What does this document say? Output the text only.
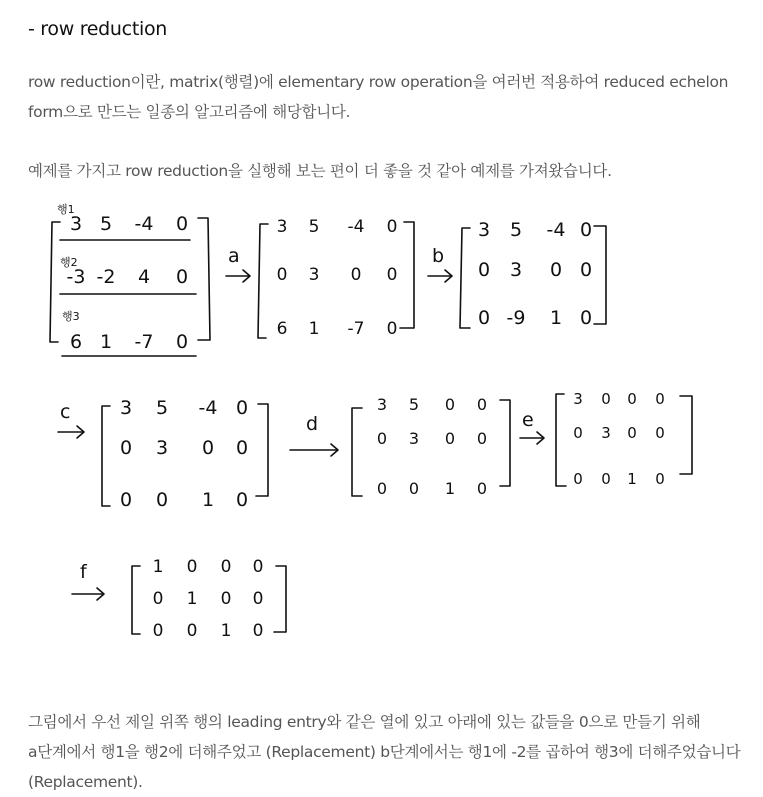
- row reduction
row reduction이란, matrix(행렬)에 elementary row operation을 여러번 적용하여 reduced echelon
form으로 만드는 일종의 알고리즘에 해당합니다.
예제를 가지고 row reduction을 실행해 보는 편이 더 좋을 것 같아 예제를 가져왔습니다.
행1
행2
행3
3 5 -4 0
-3 -2 4 0
6 1 -7 0
a
3 5 -4 0
0 3 0 0
6 1 -7 0
b
3 5 -4 0
0 3 0 0
0 -9 1 0
c	3 5 -4 0
0 3 0 0
0 0 1 0
d
3 5 0 0
0 3 0 0
0 0 1 0
e
3 0 0 0
0 3 0 0
0 0 1 0
f	1 0 0 0
0 1 0 0
0 0 1 0
그림에서 우선 제일 위쪽 행의 leading entry와 같은 열에 있고 아래에 있는 값들을 0으로 만들기 위해
a단계에서 행1을 행2에 더해주었고 (Replacement) b단계에서는 행1에 -2를 곱하여 행3에 더해주었습니다
(Replacement).
